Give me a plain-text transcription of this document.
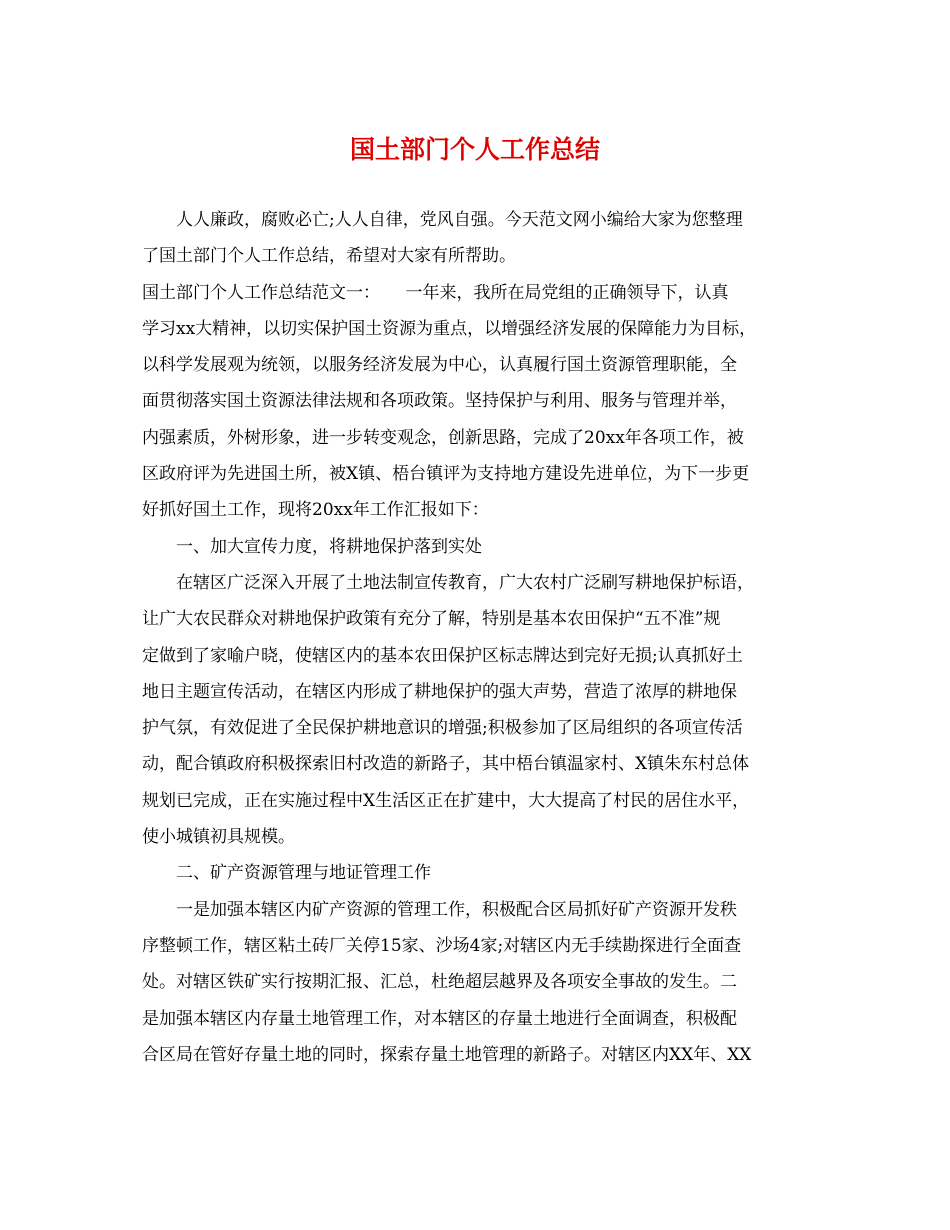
国土部门个人工作总结

人人廉政，腐败必亡;人人自律，党风自强。今天范文网小编给大家为您整理

了国土部门个人工作总结，希望对大家有所帮助。

国土部门个人工作总结范文一：　　一年来，我所在局党组的正确领导下，认真

学习xx大精神，以切实保护国土资源为重点，以增强经济发展的保障能力为目标，

以科学发展观为统领，以服务经济发展为中心，认真履行国土资源管理职能，全

面贯彻落实国土资源法律法规和各项政策。坚持保护与利用、服务与管理并举，

内强素质，外树形象，进一步转变观念，创新思路，完成了20xx年各项工作，被

区政府评为先进国土所，被X镇、梧台镇评为支持地方建设先进单位，为下一步更

好抓好国土工作，现将20xx年工作汇报如下：

一、加大宣传力度，将耕地保护落到实处

在辖区广泛深入开展了土地法制宣传教育，广大农村广泛刷写耕地保护标语，

让广大农民群众对耕地保护政策有充分了解，特别是基本农田保护“五不准”规

定做到了家喻户晓，使辖区内的基本农田保护区标志牌达到完好无损;认真抓好土

地日主题宣传活动，在辖区内形成了耕地保护的强大声势，营造了浓厚的耕地保

护气氛，有效促进了全民保护耕地意识的增强;积极参加了区局组织的各项宣传活

动，配合镇政府积极探索旧村改造的新路子，其中梧台镇温家村、X镇朱东村总体

规划已完成，正在实施过程中X生活区正在扩建中，大大提高了村民的居住水平，

使小城镇初具规模。

二、矿产资源管理与地证管理工作

一是加强本辖区内矿产资源的管理工作，积极配合区局抓好矿产资源开发秩

序整顿工作，辖区粘土砖厂关停15家、沙场4家;对辖区内无手续勘探进行全面查

处。对辖区铁矿实行按期汇报、汇总，杜绝超层越界及各项安全事故的发生。二

是加强本辖区内存量土地管理工作，对本辖区的存量土地进行全面调查，积极配

合区局在管好存量土地的同时，探索存量土地管理的新路子。对辖区内XX年、XX
